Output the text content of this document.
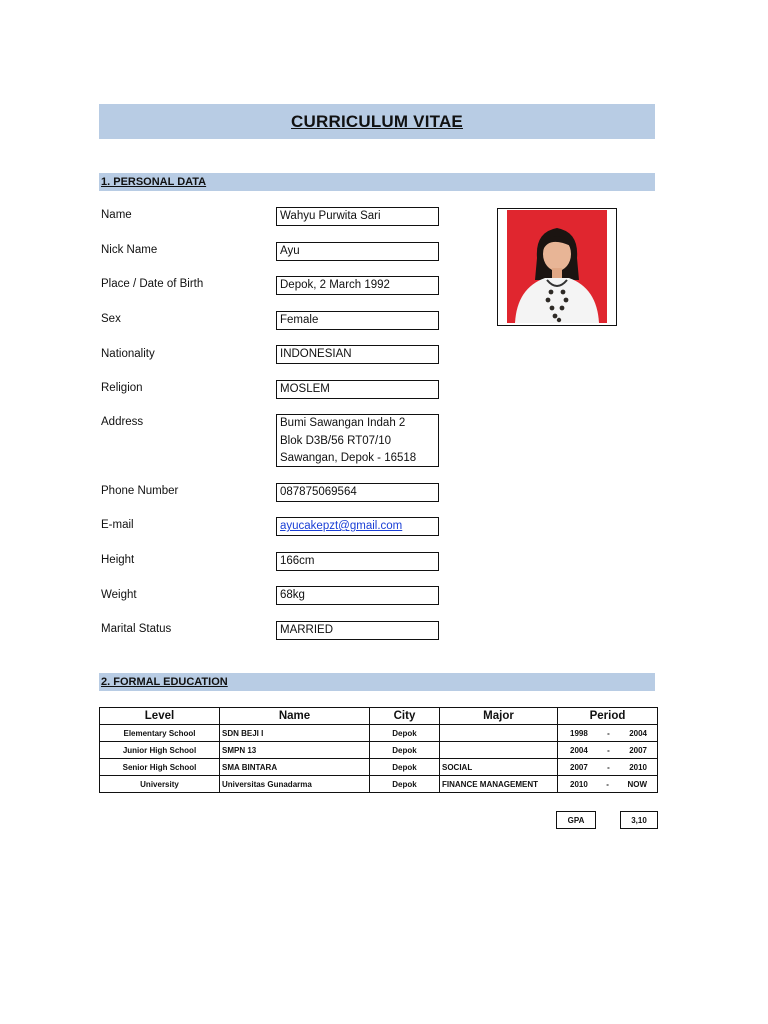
CURRICULUM VITAE
1. PERSONAL DATA
Name	Wahyu Purwita Sari
Nick Name	Ayu
Place / Date of Birth	Depok, 2 March 1992
Sex	Female
Nationality	INDONESIAN
Religion	MOSLEM
Address	Bumi Sawangan Indah 2
Blok D3B/56 RT07/10
Sawangan, Depok - 16518
Phone Number	087875069564
E-mail	ayucakepzt@gmail.com
Height	166cm
Weight	68kg
Marital Status	MARRIED
2. FORMAL EDUCATION
Level	Name	City	Major	Period
Elementary School	SDN BEJI I	Depok		1998 - 2004

Junior High School	SMPN 13	Depok		2004 - 2007

Senior High School	SMA BINTARA	Depok	SOCIAL	2007 - 2010

University	Universitas Gunadarma	Depok	FINANCE MANAGEMENT	2010 - NOW
GPA	3,10
